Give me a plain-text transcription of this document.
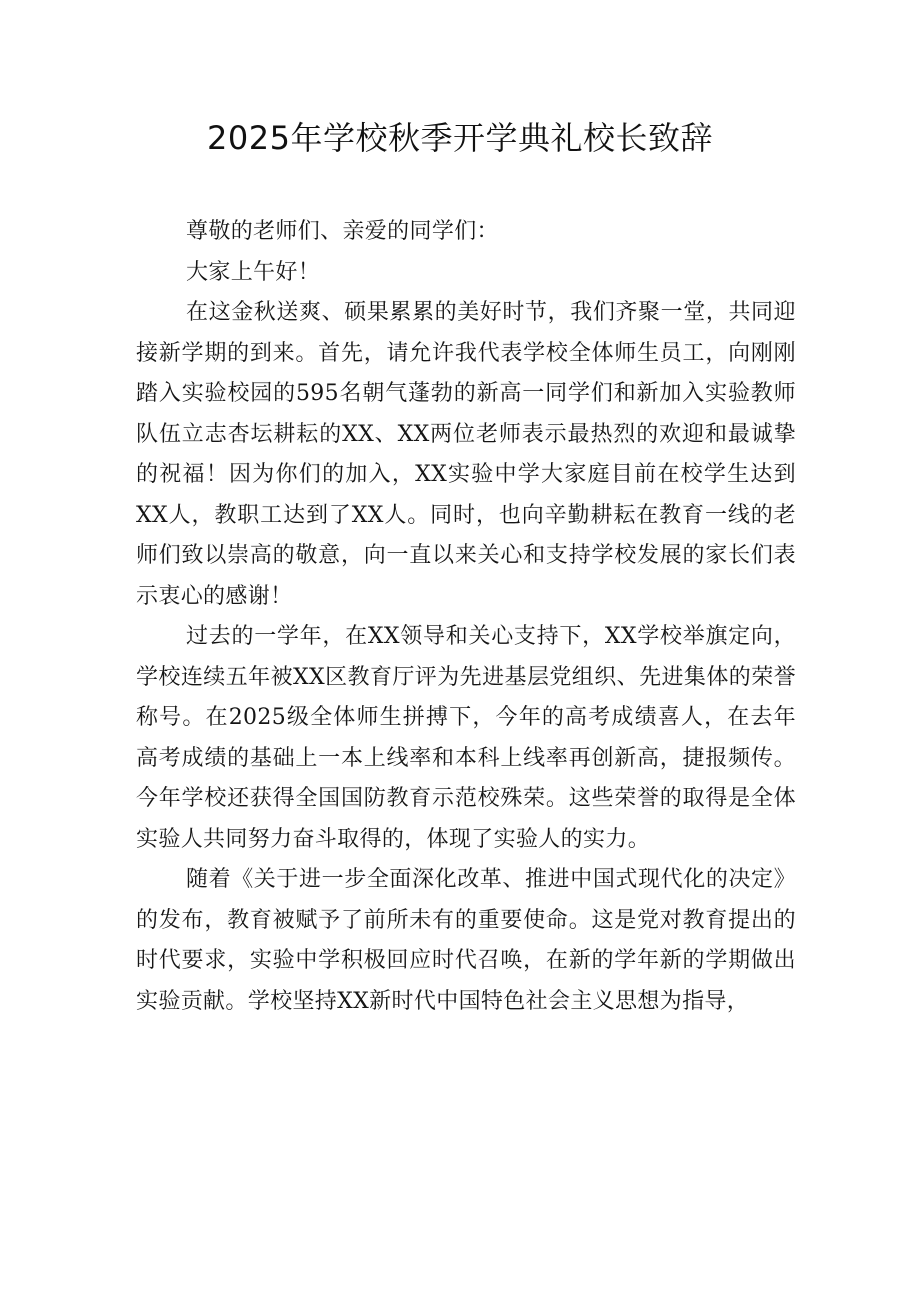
2025年学校秋季开学典礼校长致辞

尊敬的老师们、亲爱的同学们：

大家上午好！

在这金秋送爽、硕果累累的美好时节，我们齐聚一堂，共同迎接新学期的到来。首先，请允许我代表学校全体师生员工，向刚刚踏入实验校园的595名朝气蓬勃的新高一同学们和新加入实验教师队伍立志杏坛耕耘的XX、XX两位老师表示最热烈的欢迎和最诚挚的祝福！因为你们的加入，XX实验中学大家庭目前在校学生达到XX人，教职工达到了XX人。同时，也向辛勤耕耘在教育一线的老师们致以崇高的敬意，向一直以来关心和支持学校发展的家长们表示衷心的感谢！

过去的一学年，在XX领导和关心支持下，XX学校举旗定向，学校连续五年被XX区教育厅评为先进基层党组织、先进集体的荣誉称号。在2025级全体师生拼搏下，今年的高考成绩喜人，在去年高考成绩的基础上一本上线率和本科上线率再创新高，捷报频传。今年学校还获得全国国防教育示范校殊荣。这些荣誉的取得是全体实验人共同努力奋斗取得的，体现了实验人的实力。

随着《关于进一步全面深化改革、推进中国式现代化的决定》的发布，教育被赋予了前所未有的重要使命。这是党对教育提出的时代要求，实验中学积极回应时代召唤，在新的学年新的学期做出实验贡献。学校坚持XX新时代中国特色社会主义思想为指导，
